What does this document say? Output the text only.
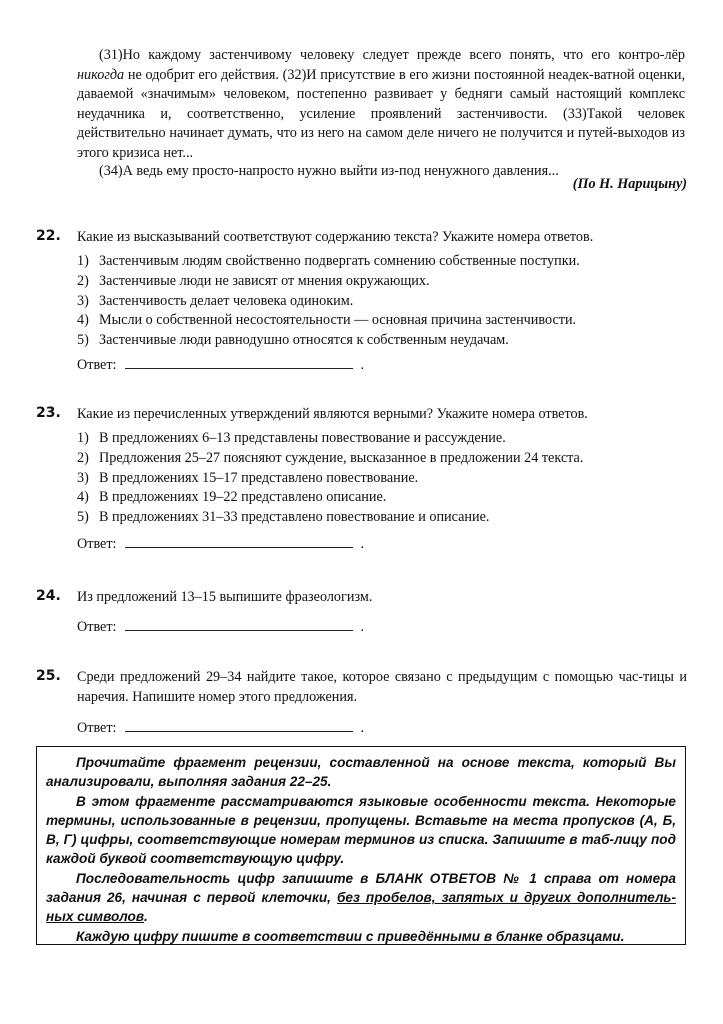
(31)Но каждому застенчивому человеку следует прежде всего понять, что его контро-лёр никогда не одобрит его действия. (32)И присутствие в его жизни постоянной неадек-ватной оценки, даваемой «значимым» человеком, постепенно развивает у бедняги самый настоящий комплекс неудачника и, соответственно, усиление проявлений застенчивости. (33)Такой человек действительно начинает думать, что из него на самом деле ничего не получится и путей-выходов из этого кризиса нет...
(34)А ведь ему просто-напросто нужно выйти из-под ненужного давления...
(По Н. Нарицыну)
22. Какие из высказываний соответствуют содержанию текста? Укажите номера ответов.
1) Застенчивым людям свойственно подвергать сомнению собственные поступки.
2) Застенчивые люди не зависят от мнения окружающих.
3) Застенчивость делает человека одиноким.
4) Мысли о собственной несостоятельности — основная причина застенчивости.
5) Застенчивые люди равнодушно относятся к собственным неудачам.
Ответ:	.
23. Какие из перечисленных утверждений являются верными? Укажите номера ответов.
1) В предложениях 6–13 представлены повествование и рассуждение.
2) Предложения 25–27 поясняют суждение, высказанное в предложении 24 текста.
3) В предложениях 15–17 представлено повествование.
4) В предложениях 19–22 представлено описание.
5) В предложениях 31–33 представлено повествование и описание.
Ответ:	.
24. Из предложений 13–15 выпишите фразеологизм.
Ответ:	.
25. Среди предложений 29–34 найдите такое, которое связано с предыдущим с помощью час-тицы и наречия. Напишите номер этого предложения.
Ответ:	.

Прочитайте фрагмент рецензии, составленной на основе текста, который Вы анализировали, выполняя задания 22–25.

В этом фрагменте рассматриваются языковые особенности текста. Некоторые термины, использованные в рецензии, пропущены. Вставьте на места пропусков (А, Б, В, Г) цифры, соответствующие номерам терминов из списка. Запишите в таб-лицу под каждой буквой соответствующую цифру.

Последовательность цифр запишите в БЛАНК ОТВЕТОВ № 1 справа от номера задания 26, начиная с первой клеточки, без пробелов, запятых и других дополнитель-ных символов.

Каждую цифру пишите в соответствии с приведёнными в бланке образцами.
